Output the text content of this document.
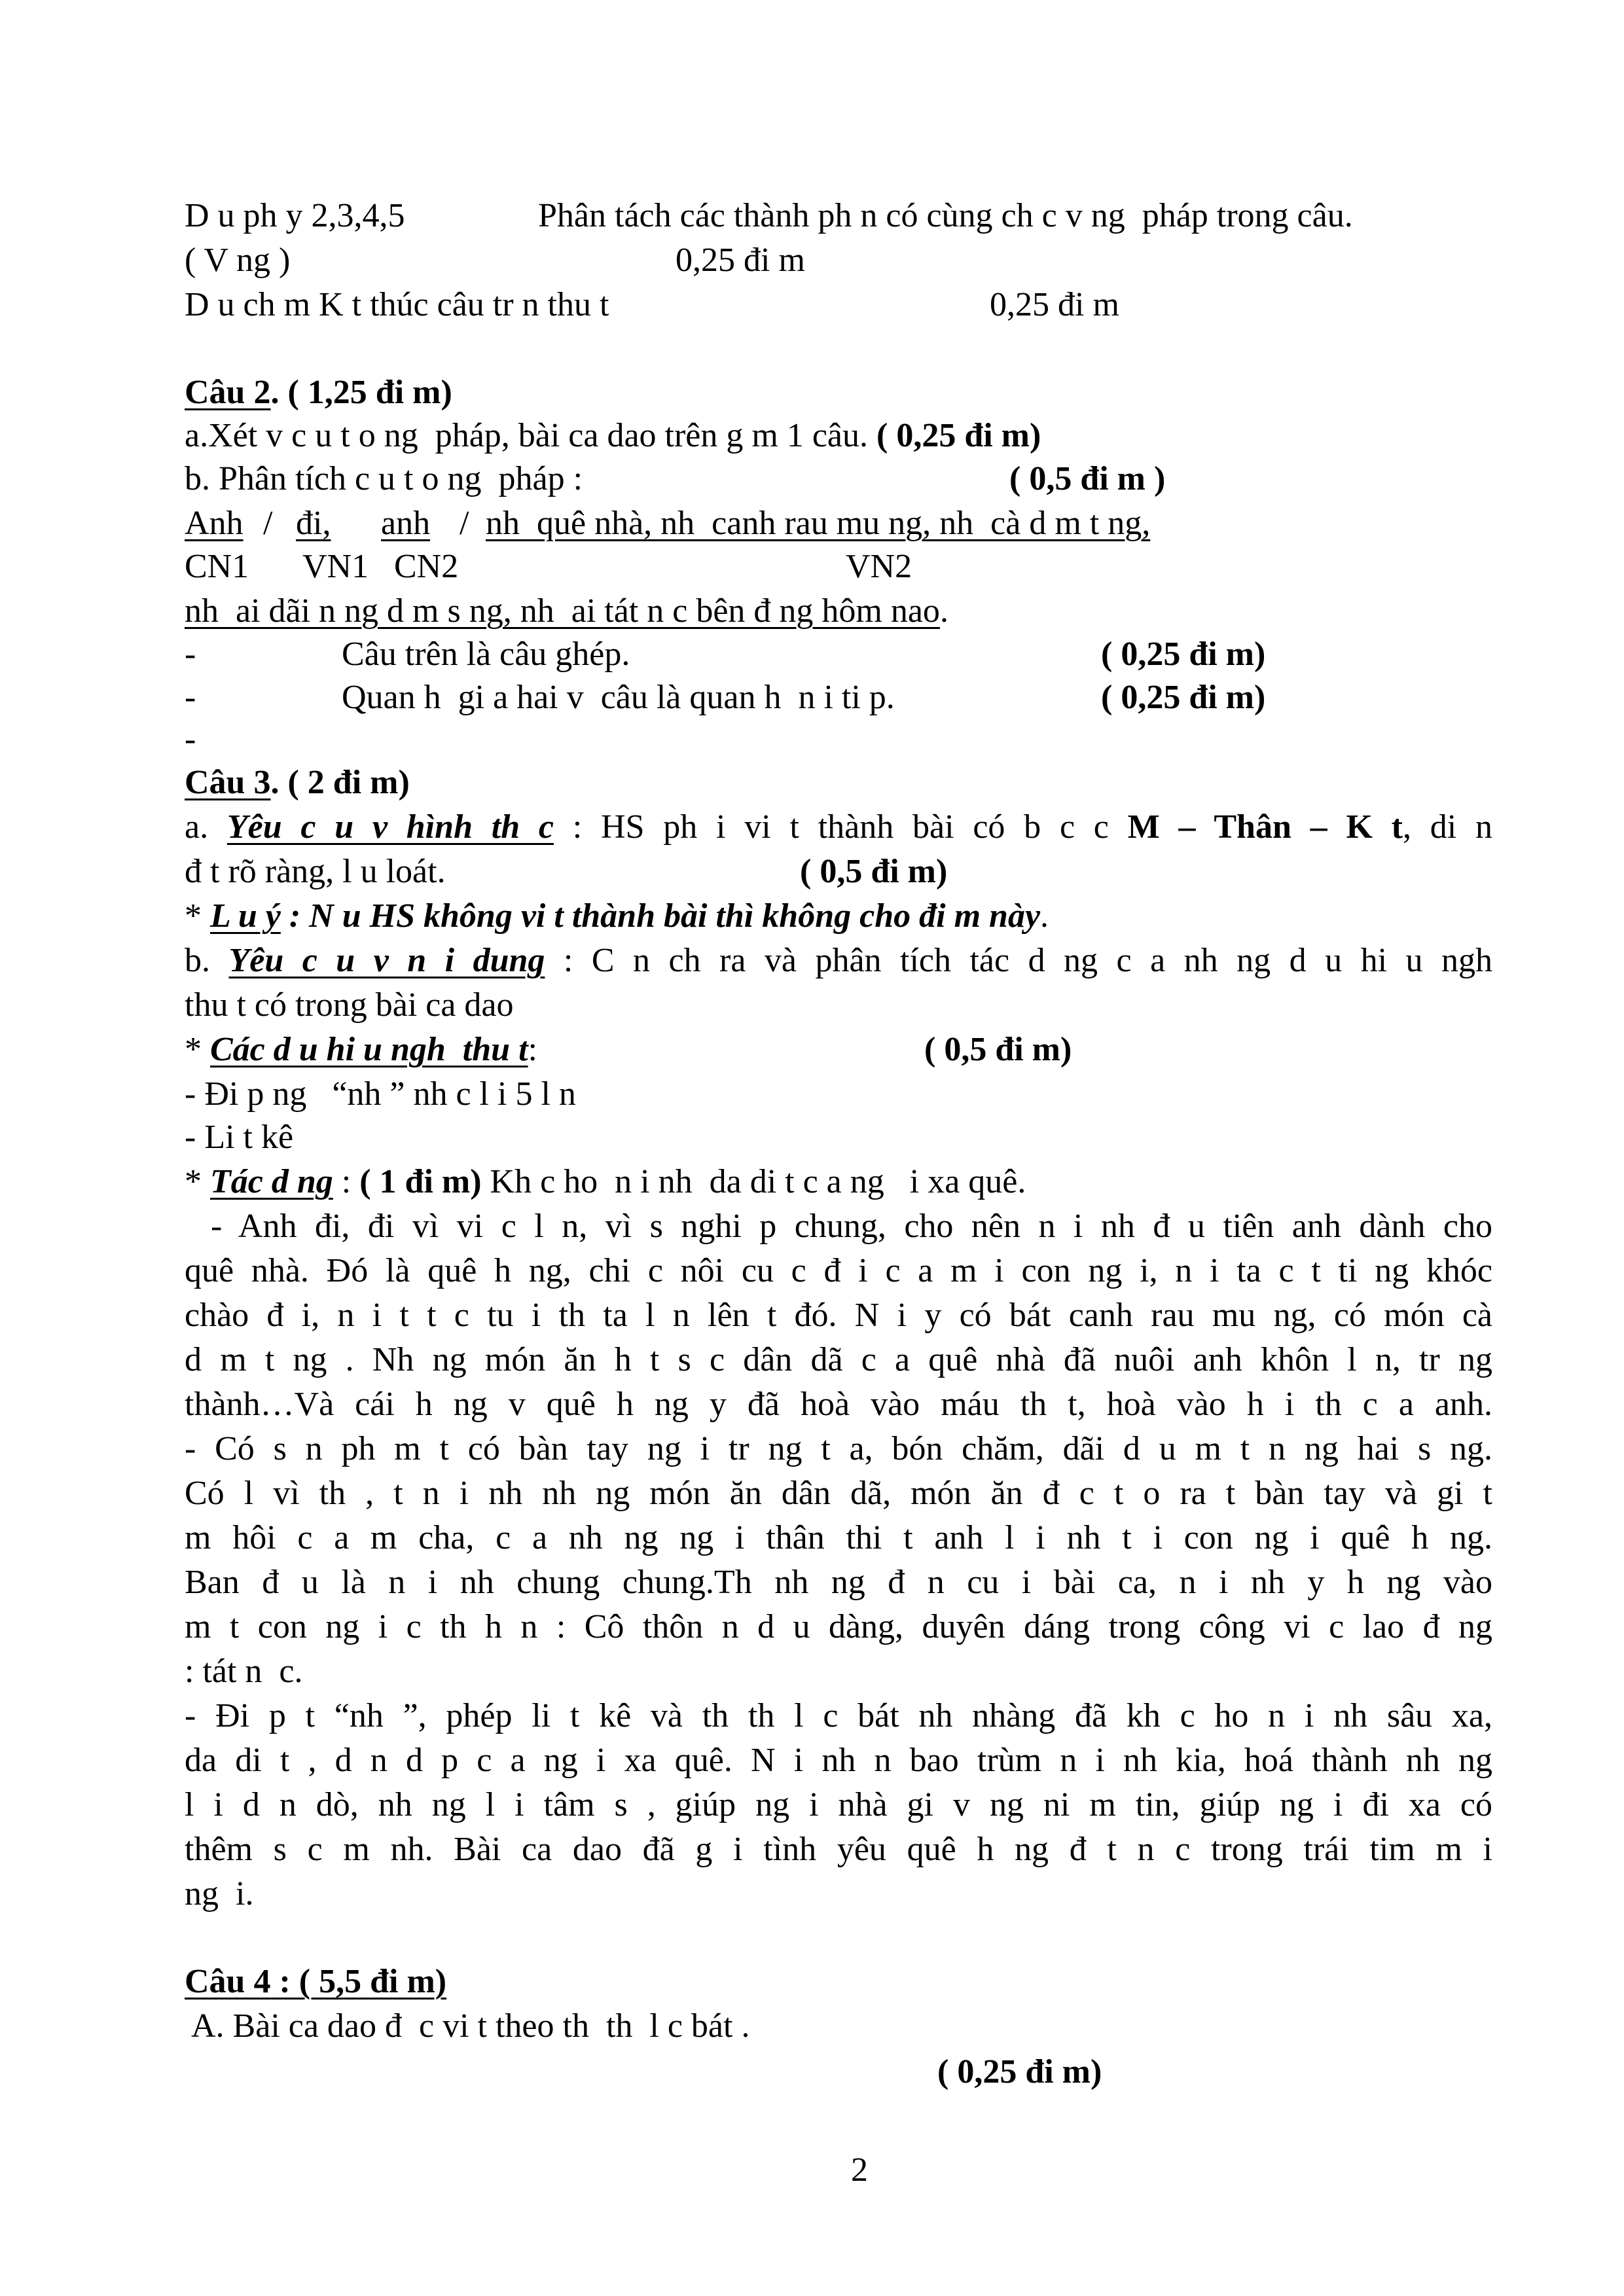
D u ph y 2,3,4,5	Phân tách các thành ph n có cùng ch c v ng  pháp trong câu.
( V ng )	0,25 đi m
D u ch m K t thúc câu tr n thu t	0,25 đi m
Câu 2. ( 1,25 đi m)
a.Xét v c u t o ng  pháp, bài ca dao trên g m 1 câu. ( 0,25 đi m)
b. Phân tích c u t o ng  pháp :	( 0,5 đi m )
Anh / đi, anh / nh  quê nhà, nh  canh rau mu ng, nh  cà d m t ng,
CN1 VN1 CN2	VN2
nh  ai dãi n ng d m s ng, nh  ai tát n c bên đ ng hôm nao.
-	Câu trên là câu ghép.	( 0,25 đi m)
-	Quan h  gi a hai v  câu là quan h  n i ti p.	( 0,25 đi m)
-
Câu 3. ( 2 đi m)
a. Yêu c u v hình th c : HS ph i vi t thành bài có b c c M – Thân – K t, di n
đ t rõ ràng, l u loát.	( 0,5 đi m)
* L u ý : N u HS không vi t thành bài thì không cho đi m này.
b. Yêu c u v n i dung : C n ch ra và phân tích tác d ng c a nh ng d u hi u ngh
thu t có trong bài ca dao
* Các d u hi u ngh  thu t:	( 0,5 đi m)
- Đi p ng   “nh ” nh c l i 5 l n
- Li t kê
* Tác d ng : ( 1 đi m) Kh c ho  n i nh  da di t c a ng   i xa quê.
- Anh đi, đi vì vi c l n, vì s nghi p chung, cho nên n i nh đ u tiên anh dành cho
quê nhà. Đó là quê h ng, chi c nôi cu c đ i c a m i con ng i, n i ta c t ti ng khóc
chào đ i, n i t t c tu i th ta l n lên t đó. N i y có bát canh rau mu ng, có món cà
d m t ng . Nh ng món ăn h t s c dân dã c a quê nhà đã nuôi anh khôn l n, tr ng
thành…Và cái h ng v quê h ng y đã hoà vào máu th t, hoà vào h i th c a anh.
- Có s n ph m t có bàn tay ng i tr ng t a, bón chăm, dãi d u m t n ng hai s ng.
Có l vì th , t n i nh nh ng món ăn dân dã, món ăn đ c t o ra t bàn tay và gi t
m hôi c a m cha, c a nh ng ng i thân thi t anh l i nh t i con ng i quê h ng.
Ban đ u là n i nh chung chung.Th nh ng đ n cu i bài ca, n i nh y h ng vào
m t con ng i c th h n : Cô thôn n d u dàng, duyên dáng trong công vi c lao đ ng
: tát n  c.
- Đi p t “nh ”, phép li t kê và th th l c bát nh nhàng đã kh c ho n i nh sâu xa,
da di t , d n d p c a ng i xa quê. N i nh n bao trùm n i nh kia, hoá thành nh ng
l i d n dò, nh ng l i tâm s , giúp ng i nhà gi v ng ni m tin, giúp ng i đi xa có
thêm s c m nh. Bài ca dao đã g i tình yêu quê h ng đ t n c trong trái tim m i
ng  i.
Câu 4 : ( 5,5 đi m)
A. Bài ca dao đ  c vi t theo th  th  l c bát .
( 0,25 đi m)
2
